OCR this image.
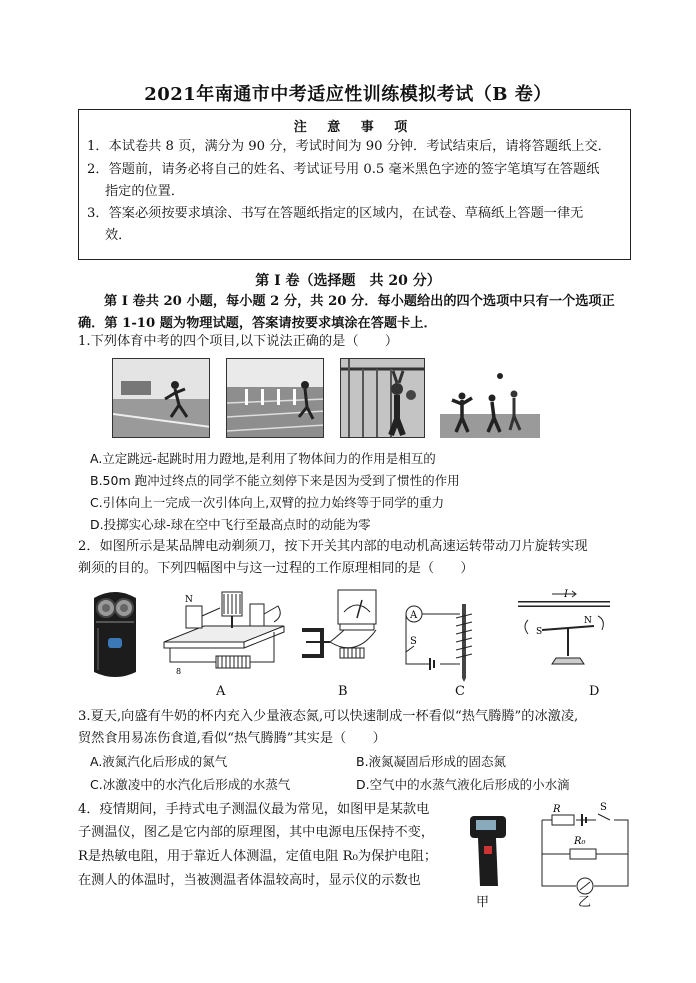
2021年南通市中考适应性训练模拟考试（B 卷）
注 意 事 项
1．本试卷共 8 页，满分为 90 分，考试时间为 90 分钟．考试结束后，请将答题纸上交．
2．答题前，请务必将自己的姓名、考试证号用 0.5 毫米黑色字迹的签字笔填写在答题纸
指定的位置．
3．答案必须按要求填涂、书写在答题纸指定的区域内，在试卷、草稿纸上答题一律无
效．
第 I 卷（选择题　共 20 分）
第 I 卷共 20 小题，每小题 2 分，共 20 分．每小题给出的四个选项中只有一个选项正
确．第 1-10 题为物理试题，答案请按要求填涂在答题卡上．
1.下列体育中考的四个项目,以下说法正确的是（　　）
A.立定跳远-起跳时用力蹬地,是利用了物体间力的作用是相互的
B.50m 跑冲过终点的同学不能立刻停下来是因为受到了惯性的作用
C.引体向上一完成一次引体向上,双臂的拉力始终等于同学的重力
D.投掷实心球-球在空中飞行至最高点时的动能为零
2．如图所示是某品牌电动剃须刀，按下开关其内部的电动机高速运转带动刀片旋转实现
剃须的目的。下列四幅图中与这一过程的工作原理相同的是（　　）
N
8
A
S
I
S
N
A	B	C	D
3.夏天,向盛有牛奶的杯内充入少量液态氮,可以快速制成一杯看似“热气腾腾”的冰激凌,
贸然食用易冻伤食道,看似“热气腾腾”其实是（　　）
A.液氮汽化后形成的氮气	B.液氮凝固后形成的固态氮
C.冰激凌中的水汽化后形成的水蒸气	D.空气中的水蒸气液化后形成的小水滴
4．疫情期间，手持式电子测温仪最为常见，如图甲是某款电
子测温仪，图乙是它内部的原理图，其中电源电压保持不变，
R是热敏电阻，用于靠近人体测温，定值电阻 R₀为保护电阻；
在测人的体温时，当被测温者体温较高时，显示仪的示数也
甲
R	S
R₀
乙
